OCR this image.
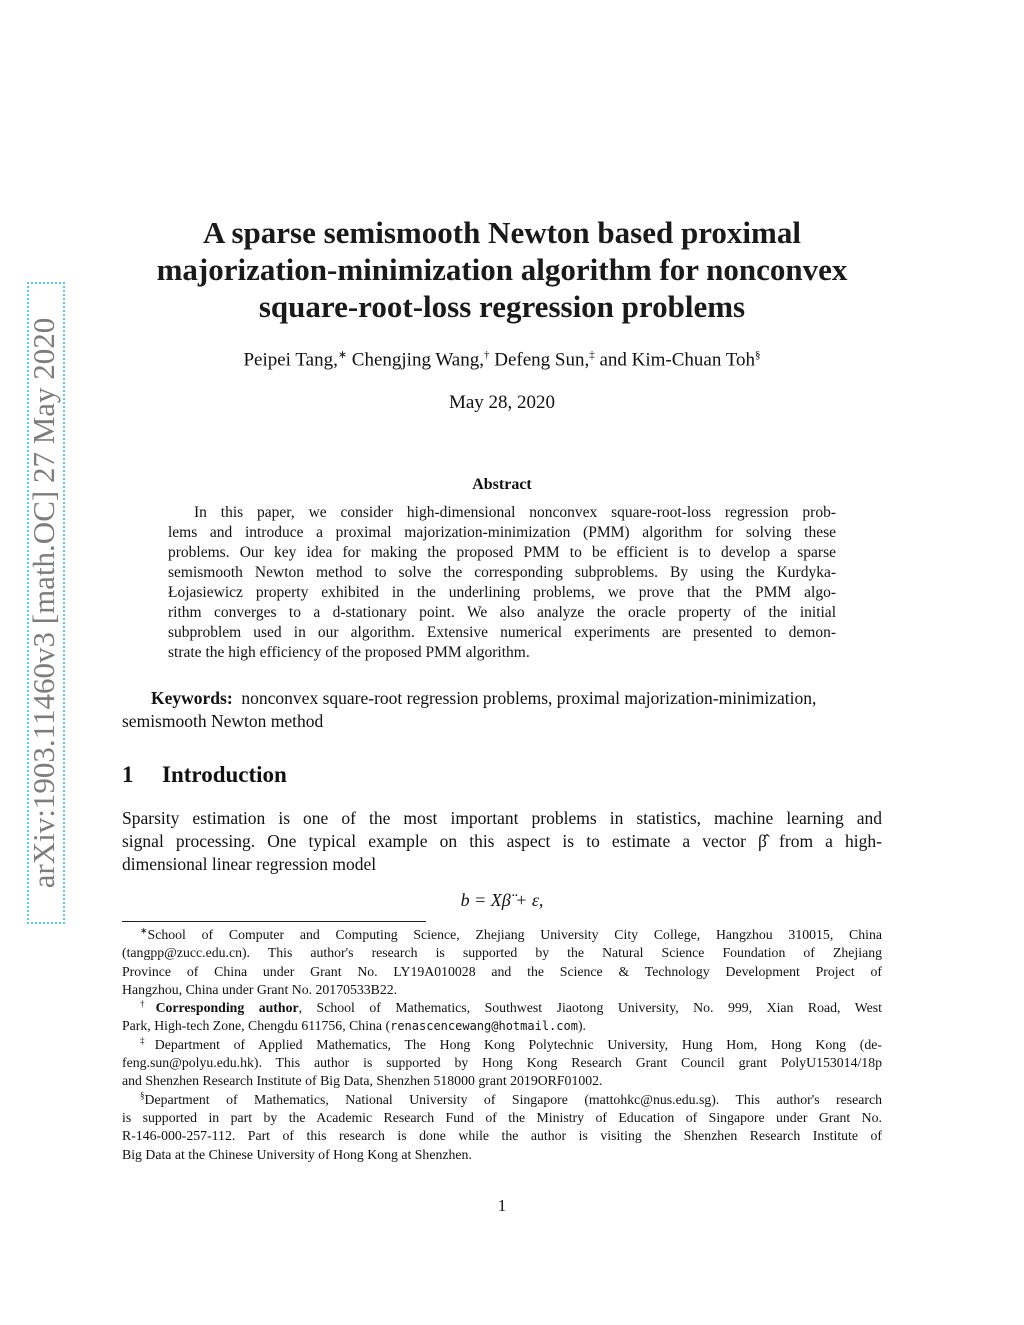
arXiv:1903.11460v3 [math.OC] 27 May 2020
A sparse semismooth Newton based proximal
majorization-minimization algorithm for nonconvex
square-root-loss regression problems
Peipei Tang,∗ Chengjing Wang,† Defeng Sun,‡ and Kim-Chuan Toh§
May 28, 2020
Abstract
In this paper, we consider high-dimensional nonconvex square-root-loss regression prob-
lems and introduce a proximal majorization-minimization (PMM) algorithm for solving these
problems. Our key idea for making the proposed PMM to be efficient is to develop a sparse
semismooth Newton method to solve the corresponding subproblems. By using the Kurdyka-
Łojasiewicz property exhibited in the underlining problems, we prove that the PMM algo-
rithm converges to a d-stationary point. We also analyze the oracle property of the initial
subproblem used in our algorithm. Extensive numerical experiments are presented to demon-
strate the high efficiency of the proposed PMM algorithm.
Keywords: nonconvex square-root regression problems, proximal majorization-minimization,
semismooth Newton method
1 Introduction
Sparsity estimation is one of the most important problems in statistics, machine learning and
signal processing. One typical example on this aspect is to estimate a vector β̂ from a high-
dimensional linear regression model
b = Xβ̈ + ε,
∗School of Computer and Computing Science, Zhejiang University City College, Hangzhou 310015, China
(tangpp@zucc.edu.cn). This author's research is supported by the Natural Science Foundation of Zhejiang
Province of China under Grant No. LY19A010028 and the Science & Technology Development Project of
Hangzhou, China under Grant No. 20170533B22.
†Corresponding author, School of Mathematics, Southwest Jiaotong University, No. 999, Xian Road, West
Park, High-tech Zone, Chengdu 611756, China (renascencewang@hotmail.com).
‡Department of Applied Mathematics, The Hong Kong Polytechnic University, Hung Hom, Hong Kong (de-
feng.sun@polyu.edu.hk). This author is supported by Hong Kong Research Grant Council grant PolyU153014/18p
and Shenzhen Research Institute of Big Data, Shenzhen 518000 grant 2019ORF01002.
§Department of Mathematics, National University of Singapore (mattohkc@nus.edu.sg). This author's research
is supported in part by the Academic Research Fund of the Ministry of Education of Singapore under Grant No.
R-146-000-257-112. Part of this research is done while the author is visiting the Shenzhen Research Institute of
Big Data at the Chinese University of Hong Kong at Shenzhen.
1
